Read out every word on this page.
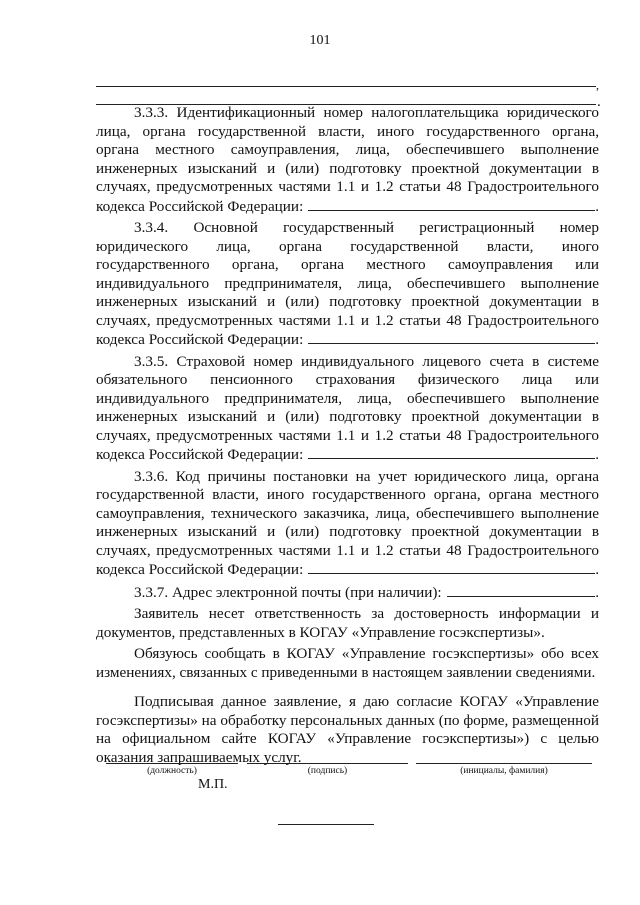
101
.
3.3.3. Идентификационный номер налогоплательщика юридического
лица, органа государственной власти, иного государственного органа,
органа местного самоуправления, лица, обеспечившего выполнение
инженерных изысканий и (или) подготовку проектной документации в
случаях, предусмотренных частями 1.1 и 1.2 статьи 48 Градостроительного
кодекса Российской Федерации:	.
3.3.4. Основной государственный регистрационный номер
юридического лица, органа государственной власти, иного
государственного органа, органа местного самоуправления или
индивидуального предпринимателя, лица, обеспечившего выполнение
инженерных изысканий и (или) подготовку проектной документации в
случаях, предусмотренных частями 1.1 и 1.2 статьи 48 Градостроительного
кодекса Российской Федерации:	.
3.3.5. Страховой номер индивидуального лицевого счета в системе
обязательного пенсионного страхования физического лица или
индивидуального предпринимателя, лица, обеспечившего выполнение
инженерных изысканий и (или) подготовку проектной документации в
случаях, предусмотренных частями 1.1 и 1.2 статьи 48 Градостроительного
кодекса Российской Федерации:	.
3.3.6. Код причины постановки на учет юридического лица, органа
государственной власти, иного государственного органа, органа местного
самоуправления, технического заказчика, лица, обеспечившего выполнение
инженерных изысканий и (или) подготовку проектной документации в
случаях, предусмотренных частями 1.1 и 1.2 статьи 48 Градостроительного
кодекса Российской Федерации:	.
3.3.7. Адрес электронной почты (при наличии):	.

Заявитель несет ответственность за достоверность информации и документов, представленных в КОГАУ «Управление госэкспертизы».

Обязуюсь сообщать в КОГАУ «Управление госэкспертизы» обо всех изменениях, связанных с приведенными в настоящем заявлении сведениями.

Подписывая данное заявление, я даю согласие КОГАУ «Управление госэкспертизы» на обработку персональных данных (по форме, размещенной на официальном сайте КОГАУ «Управление госэкспертизы») с целью оказания запрашиваемых услуг.

(должность)	(подпись)	(инициалы, фамилия)
М.П.
,
